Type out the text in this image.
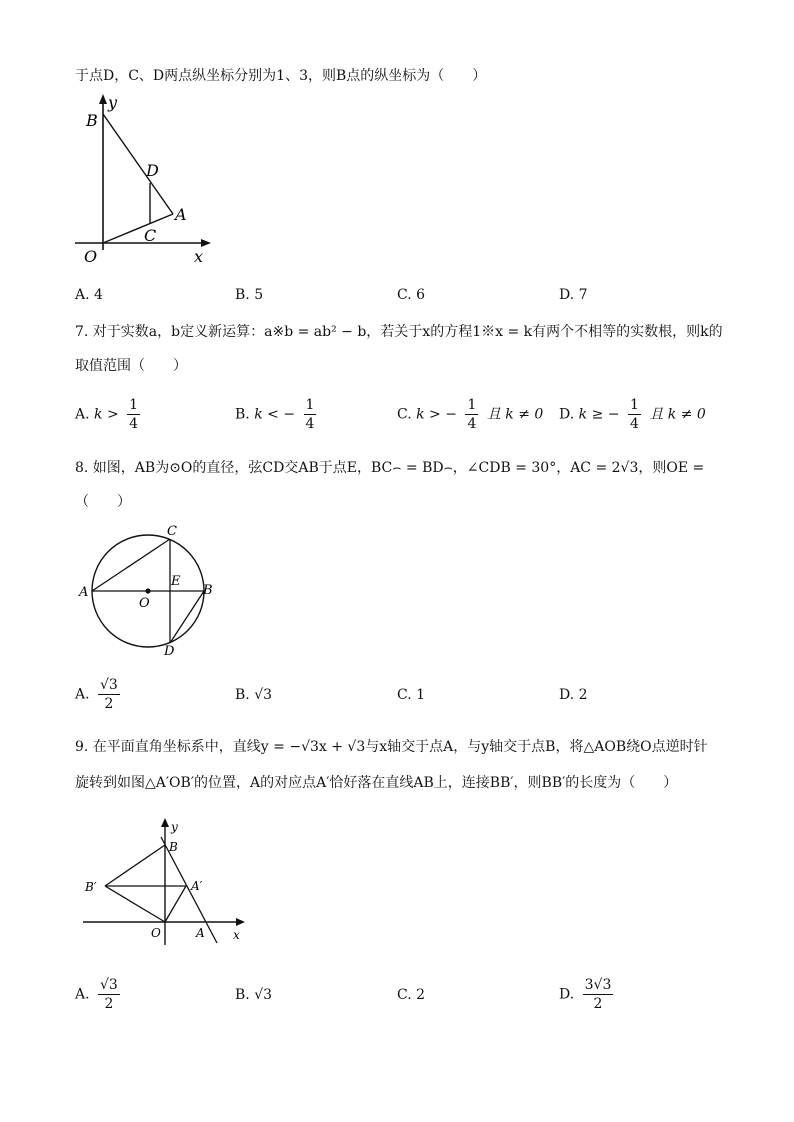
于点D，C、D两点纵坐标分别为1、3，则B点的纵坐标为（　　）
y
B
D
A
C
O	x
A. 4	B. 5	C. 6	D. 7
7. 对于实数a，b定义新运算：a※b = ab² − b，若关于x的方程1※x = k有两个不相等的实数根，则k的
取值范围（　　）
A. $k > \frac{1}{4}$	B. k < − $\frac{1}{4}$	C. k > − $\frac{1}{4}$ 且 k ≠ 0 D. k ≥ − $\frac{1}{4}$ 且 k ≠ 0
8. 如图，AB为⊙O的直径，弦CD交AB于点E，BC⌢ = BD⌢，∠CDB = 30°，AC = 2√3，则OE =
（　　）
C
A
E
B
O
D
A. $\frac{√3}{2}$	B. √3	C. 1	D. 2
9. 在平面直角坐标系中，直线y = −√3x + √3与x轴交于点A，与y轴交于点B，将△AOB绕O点逆时针
旋转到如图△A′OB′的位置，A的对应点A′恰好落在直线AB上，连接BB′，则BB′的长度为（　　）
y
B
B′	A′
O	A x
A. $\frac{√3}{2}$	B. √3	C. 2	D. $\frac{3√3}{2}$
